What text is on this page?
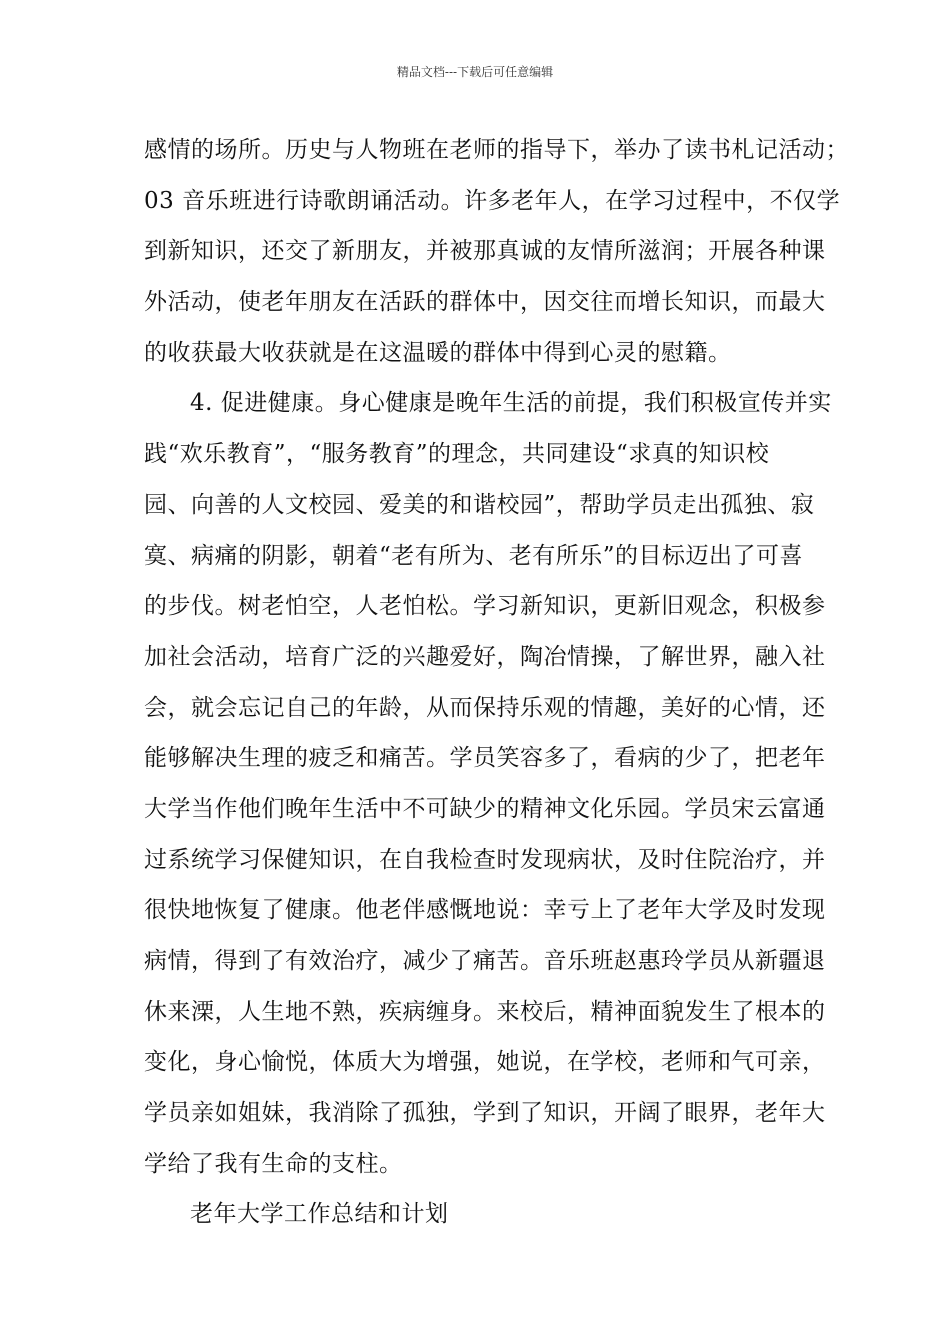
精品文档---下载后可任意编辑
感情的场所。历史与人物班在老师的指导下，举办了读书札记活动；
03 音乐班进行诗歌朗诵活动。许多老年人，在学习过程中，不仅学
到新知识，还交了新朋友，并被那真诚的友情所滋润；开展各种课
外活动，使老年朋友在活跃的群体中，因交往而增长知识，而最大
的收获最大收获就是在这温暖的群体中得到心灵的慰籍。
4. 促进健康。身心健康是晚年生活的前提，我们积极宣传并实
践“欢乐教育”，“服务教育”的理念，共同建设“求真的知识校
园、向善的人文校园、爱美的和谐校园”，帮助学员走出孤独、寂
寞、病痛的阴影，朝着“老有所为、老有所乐”的目标迈出了可喜
的步伐。树老怕空，人老怕松。学习新知识，更新旧观念，积极参
加社会活动，培育广泛的兴趣爱好，陶冶情操，了解世界，融入社
会，就会忘记自己的年龄，从而保持乐观的情趣，美好的心情，还
能够解决生理的疲乏和痛苦。学员笑容多了，看病的少了，把老年
大学当作他们晚年生活中不可缺少的精神文化乐园。学员宋云富通
过系统学习保健知识，在自我检查时发现病状，及时住院治疗，并
很快地恢复了健康。他老伴感慨地说：幸亏上了老年大学及时发现
病情，得到了有效治疗，减少了痛苦。音乐班赵惠玲学员从新疆退
休来溧，人生地不熟，疾病缠身。来校后，精神面貌发生了根本的
变化，身心愉悦，体质大为增强，她说，在学校，老师和气可亲，
学员亲如姐妹，我消除了孤独，学到了知识，开阔了眼界，老年大
学给了我有生命的支柱。
老年大学工作总结和计划
